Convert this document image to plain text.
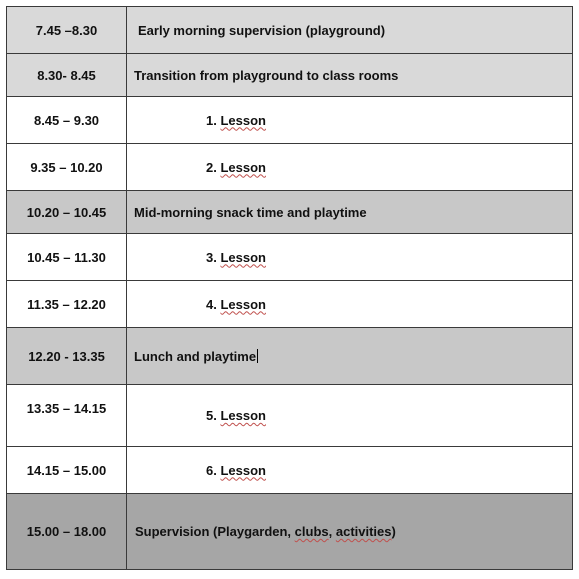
7.45 –8.30	Early morning supervision (playground)
8.30- 8.45	Transition from playground to class rooms
8.45 – 9.30	1. Lesson
9.35 – 10.20	2. Lesson
10.20 – 10.45	Mid-morning snack time and playtime
10.45 – 11.30	3. Lesson
11.35 – 12.20	4. Lesson
12.20 - 13.35	Lunch and playtime
13.35 – 14.15	5. Lesson
14.15 – 15.00	6. Lesson
15.00 – 18.00	Supervision (Playgarden, clubs, activities)
